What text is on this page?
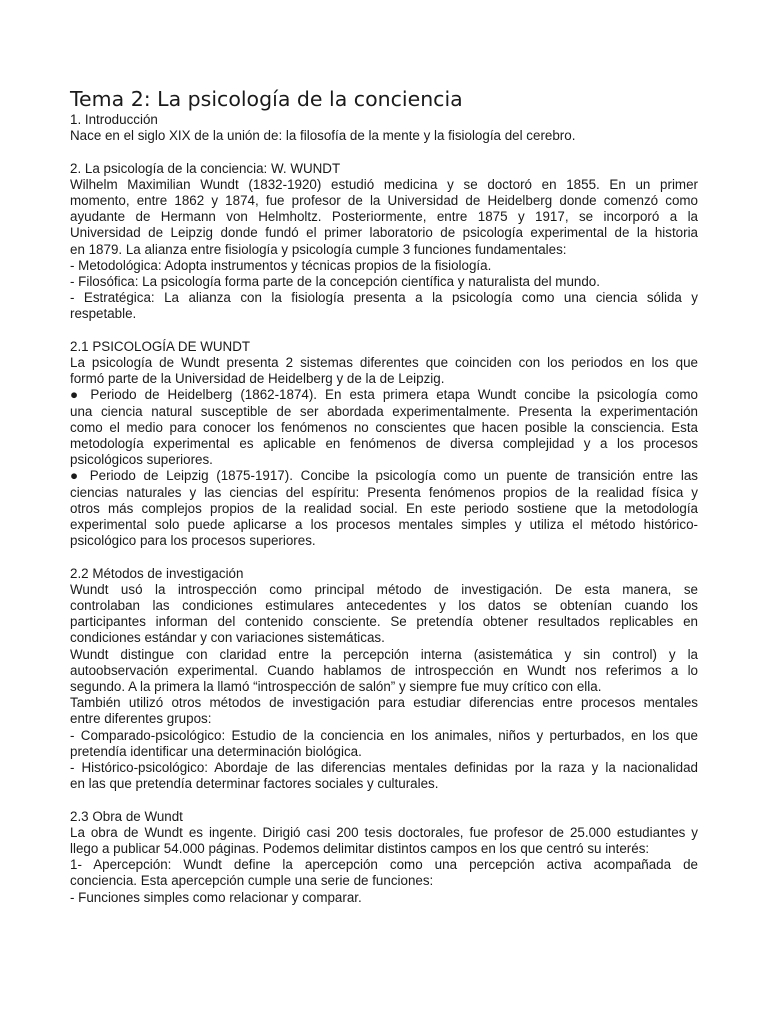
Tema 2: La psicología de la conciencia

1. Introducción

Nace en el siglo XIX de la unión de: la filosofía de la mente y la fisiología del cerebro.

2. La psicología de la conciencia: W. WUNDT

Wilhelm Maximilian Wundt (1832-1920) estudió medicina y se doctoró en 1855. En un primer

momento, entre 1862 y 1874, fue profesor de la Universidad de Heidelberg donde comenzó como

ayudante de Hermann von Helmholtz. Posteriormente, entre 1875 y 1917, se incorporó a la

Universidad de Leipzig donde fundó el primer laboratorio de psicología experimental de la historia

en 1879. La alianza entre fisiología y psicología cumple 3 funciones fundamentales:

- Metodológica: Adopta instrumentos y técnicas propios de la fisiología.

- Filosófica: La psicología forma parte de la concepción científica y naturalista del mundo.

- Estratégica: La alianza con la fisiología presenta a la psicología como una ciencia sólida y

respetable.

2.1 PSICOLOGÍA DE WUNDT

La psicología de Wundt presenta 2 sistemas diferentes que coinciden con los periodos en los que

formó parte de la Universidad de Heidelberg y de la de Leipzig.

● Periodo de Heidelberg (1862-1874). En esta primera etapa Wundt concibe la psicología como

una ciencia natural susceptible de ser abordada experimentalmente. Presenta la experimentación

como el medio para conocer los fenómenos no conscientes que hacen posible la consciencia. Esta

metodología experimental es aplicable en fenómenos de diversa complejidad y a los procesos

psicológicos superiores.

● Periodo de Leipzig (1875-1917). Concibe la psicología como un puente de transición entre las

ciencias naturales y las ciencias del espíritu: Presenta fenómenos propios de la realidad física y

otros más complejos propios de la realidad social. En este periodo sostiene que la metodología

experimental solo puede aplicarse a los procesos mentales simples y utiliza el método histórico-

psicológico para los procesos superiores.

2.2 Métodos de investigación

Wundt usó la introspección como principal método de investigación. De esta manera, se

controlaban las condiciones estimulares antecedentes y los datos se obtenían cuando los

participantes informan del contenido consciente. Se pretendía obtener resultados replicables en

condiciones estándar y con variaciones sistemáticas.

Wundt distingue con claridad entre la percepción interna (asistemática y sin control) y la

autoobservación experimental. Cuando hablamos de introspección en Wundt nos referimos a lo

segundo. A la primera la llamó “introspección de salón” y siempre fue muy crítico con ella.

También utilizó otros métodos de investigación para estudiar diferencias entre procesos mentales

entre diferentes grupos:

- Comparado-psicológico: Estudio de la conciencia en los animales, niños y perturbados, en los que

pretendía identificar una determinación biológica.

- Histórico-psicológico: Abordaje de las diferencias mentales definidas por la raza y la nacionalidad

en las que pretendía determinar factores sociales y culturales.

2.3 Obra de Wundt

La obra de Wundt es ingente. Dirigió casi 200 tesis doctorales, fue profesor de 25.000 estudiantes y

llego a publicar 54.000 páginas. Podemos delimitar distintos campos en los que centró su interés:

1- Apercepción: Wundt define la apercepción como una percepción activa acompañada de

conciencia. Esta apercepción cumple una serie de funciones:

- Funciones simples como relacionar y comparar.
